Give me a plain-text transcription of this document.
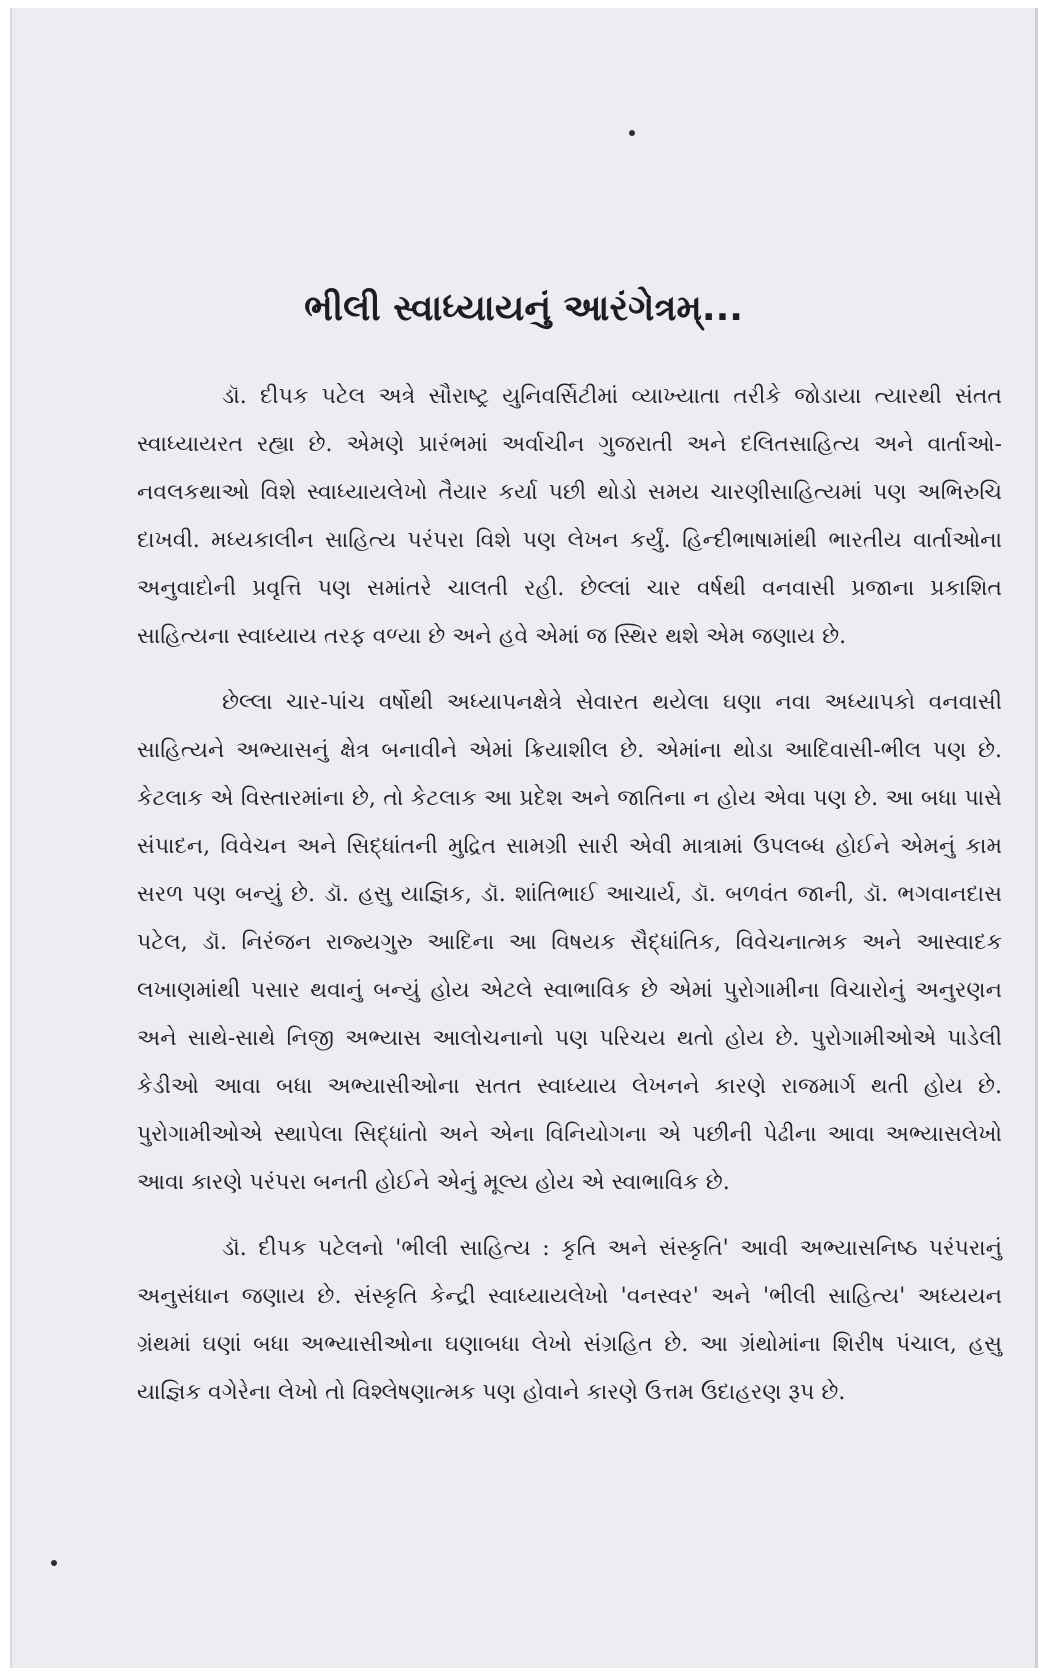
ભીલી સ્વાધ્યાયનું આરંગેત્રમ્...

ડૉ. દીપક પટેલ અત્રે સૌરાષ્ટ્ર યુનિવર્સિટીમાં વ્યાખ્યાતા તરીકે જોડાયા ત્યારથી સંતત સ્વાધ્યાયરત રહ્યા છે. એમણે પ્રારંભમાં અર્વાચીન ગુજરાતી અને દલિતસાહિત્ય અને વાર્તાઓ-નવલકથાઓ વિશે સ્વાધ્યાયલેખો તૈયાર કર્યા પછી થોડો સમય ચારણીસાહિત્યમાં પણ અભિરુચિ દાખવી. મધ્યકાલીન સાહિત્ય પરંપરા વિશે પણ લેખન કર્યું. હિન્દીભાષામાંથી ભારતીય વાર્તાઓના અનુવાદોની પ્રવૃત્તિ પણ સમાંતરે ચાલતી રહી. છેલ્લાં ચાર વર્ષથી વનવાસી પ્રજાના પ્રકાશિત સાહિત્યના સ્વાધ્યાય તરફ વળ્યા છે અને હવે એમાં જ સ્થિર થશે એમ જણાય છે.

છેલ્લા ચાર-પાંચ વર્ષોથી અધ્યાપનક્ષેત્રે સેવારત થયેલા ઘણા નવા અધ્યાપકો વનવાસી સાહિત્યને અભ્યાસનું ક્ષેત્ર બનાવીને એમાં ક્રિયાશીલ છે. એમાંના થોડા આદિવાસી-ભીલ પણ છે. કેટલાક એ વિસ્તારમાંના છે, તો કેટલાક આ પ્રદેશ અને જાતિના ન હોય એવા પણ છે. આ બધા પાસે સંપાદન, વિવેચન અને સિદ્ધાંતની મુદ્રિત સામગ્રી સારી એવી માત્રામાં ઉપલબ્ધ હોઈને એમનું કામ સરળ પણ બન્યું છે. ડૉ. હસુ યાજ્ઞિક, ડૉ. શાંતિભાઈ આચાર્ય, ડૉ. બળવંત જાની, ડૉ. ભગવાનદાસ પટેલ, ડૉ. નિરંજન રાજ્યગુરુ આદિના આ વિષયક સૈદ્ધાંતિક, વિવેચનાત્મક અને આસ્વાદક લખાણમાંથી પસાર થવાનું બન્યું હોય એટલે સ્વાભાવિક છે એમાં પુરોગામીના વિચારોનું અનુરણન અને સાથે-સાથે નિજી અભ્યાસ આલોચનાનો પણ પરિચય થતો હોય છે. પુરોગામીઓએ પાડેલી કેડીઓ આવા બધા અભ્યાસીઓના સતત સ્વાધ્યાય લેખનને કારણે રાજમાર્ગ થતી હોય છે. પુરોગામીઓએ સ્થાપેલા સિદ્ધાંતો અને એના વિનિયોગના એ પછીની પેઢીના આવા અભ્યાસલેખો આવા કારણે પરંપરા બનતી હોઈને એનું મૂલ્ય હોય એ સ્વાભાવિક છે.

ડૉ. દીપક પટેલનો 'ભીલી સાહિત્ય : કૃતિ અને સંસ્કૃતિ' આવી અભ્યાસનિષ્ઠ પરંપરાનું અનુસંધાન જણાય છે. સંસ્કૃતિ કેન્દ્રી સ્વાધ્યાયલેખો 'વનસ્વર' અને 'ભીલી સાહિત્ય' અધ્યયન ગ્રંથમાં ઘણાં બધા અભ્યાસીઓના ઘણાબધા લેખો સંગ્રહિત છે. આ ગ્રંથોમાંના શિરીષ પંચાલ, હસુ યાજ્ઞિક વગેરેના લેખો તો વિશ્લેષણાત્મક પણ હોવાને કારણે ઉત્તમ ઉદાહરણ રૂપ છે.
